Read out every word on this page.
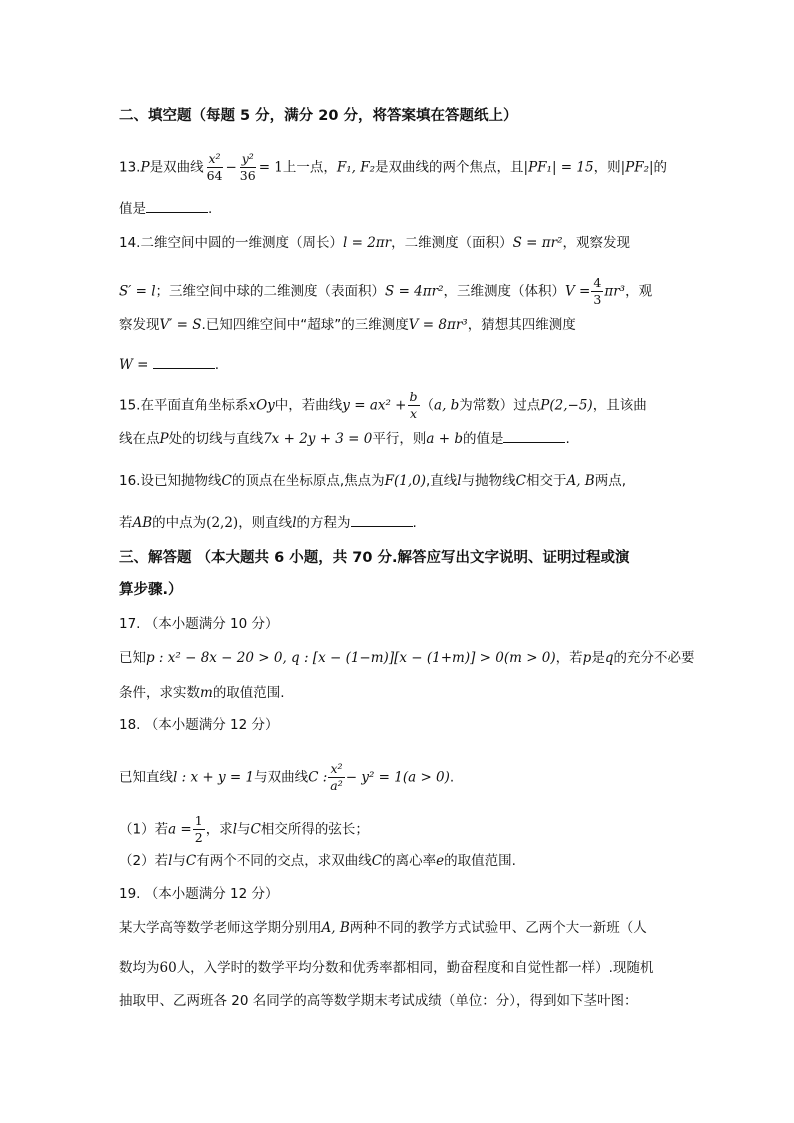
二、填空题（每题 5 分，满分 20 分，将答案填在答题纸上）
13.P是双曲线 $\frac{\text{x²}}{64} - \frac{\text{y²}}{36} = 1$上一点，F₁, F₂是双曲线的两个焦点，且|PF₁| = 15，则|PF₂|的
值是	.
14.二维空间中圆的一维测度（周长）l = 2πr，二维测度（面积）S = πr²，观察发现
S′ = l；三维空间中球的二维测度（表面积）S = 4πr²，三维测度（体积）$V = \frac{4}{3} \pi r^3$，观
察发现V′ = S.已知四维空间中“超球”的三维测度V = 8πr³，猜想其四维测度
W =	.
15.在平面直角坐标系xOy中，若曲线$y = ax^2 + \frac{b}{x} (a$, b为常数）过点P(2,−5)，且该曲
线在点P处的切线与直线7x + 2y + 3 = 0平行，则a + b的值是	.
16.设已知抛物线C的顶点在坐标原点,焦点为F(1,0),直线l与抛物线C相交于A, B两点,
若AB的中点为(2,2)，则直线l的方程为	.
三、解答题 （本大题共 6 小题，共 70 分.解答应写出文字说明、证明过程或演
算步骤.）
17. （本小题满分 10 分）
已知p : x² − 8x − 20 > 0, q : [x − (1−m)][x − (1+m)] > 0(m > 0)，若p是q的充分不必要
条件，求实数m的取值范围.
18. （本小题满分 12 分）
已知直线l : x + y = 1与双曲线C : $\frac{\text{x²}}{\text{a²}} - y^2 = 1(a > 0)$.
（1）若$a = \frac{1}{2}$ ，求l与C相交所得的弦长；
（2）若l与C有两个不同的交点，求双曲线C的离心率e的取值范围.
19. （本小题满分 12 分）
某大学高等数学老师这学期分别用A, B两种不同的教学方式试验甲、乙两个大一新班（人
数均为60人，入学时的数学平均分数和优秀率都相同，勤奋程度和自觉性都一样）.现随机
抽取甲、乙两班各 20 名同学的高等数学期末考试成绩（单位：分），得到如下茎叶图：
